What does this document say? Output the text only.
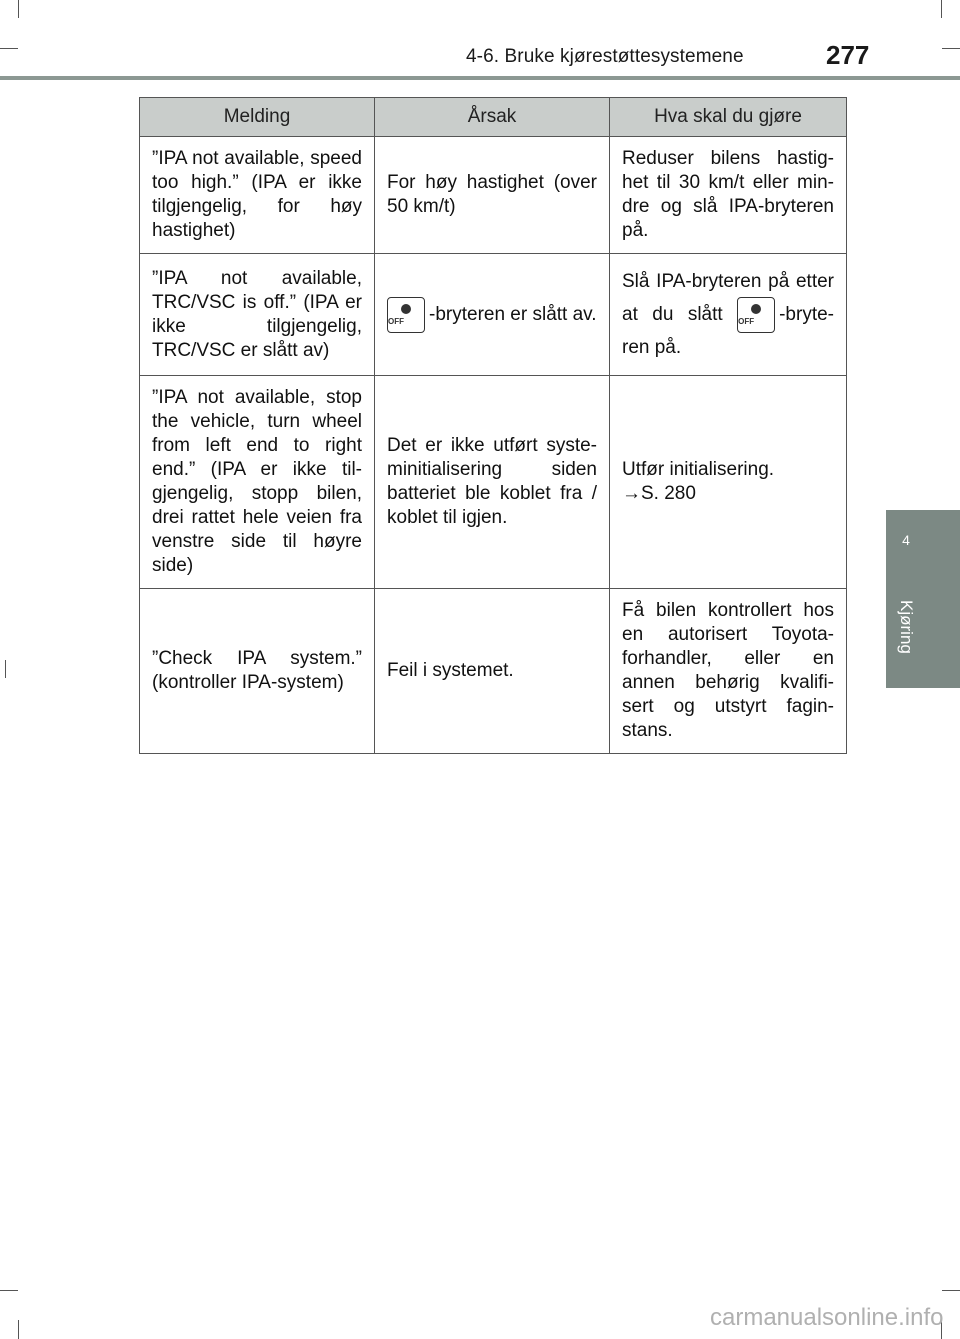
4-6. Bruke kjørestøttesystemene	277
4
Kjøring
Melding	Årsak	Hva skal du gjøre
”IPA not available, speed too high.” (IPA er ikke tilgjengelig, for høy hastighet)	For høy hastighet (over 50 km/t)	Reduser bilens hastig-het til 30 km/t eller min-dre og slå IPA-bryteren på.
”IPA not available, TRC/VSC is off.” (IPA er ikke tilgjengelig, TRC/VSC er slått av)	OFF -bryteren er slått av.	Slå IPA-bryteren på etter at du slått OFF -bryte-ren på.
”IPA not available, stop the vehicle, turn wheel from left end to right end.” (IPA er ikke til-gjengelig, stopp bilen, drei rattet hele veien fra venstre side til høyre side)	Det er ikke utført syste-minitialisering siden batteriet ble koblet fra / koblet til igjen.	Utfør initialisering.
→S. 280

”Check IPA system.” (kontroller IPA-system)	Feil i systemet.	Få bilen kontrollert hos en autorisert Toyota-forhandler, eller en annen behørig kvalifi-sert og utstyrt fagin-stans.
carmanualsonline.info
